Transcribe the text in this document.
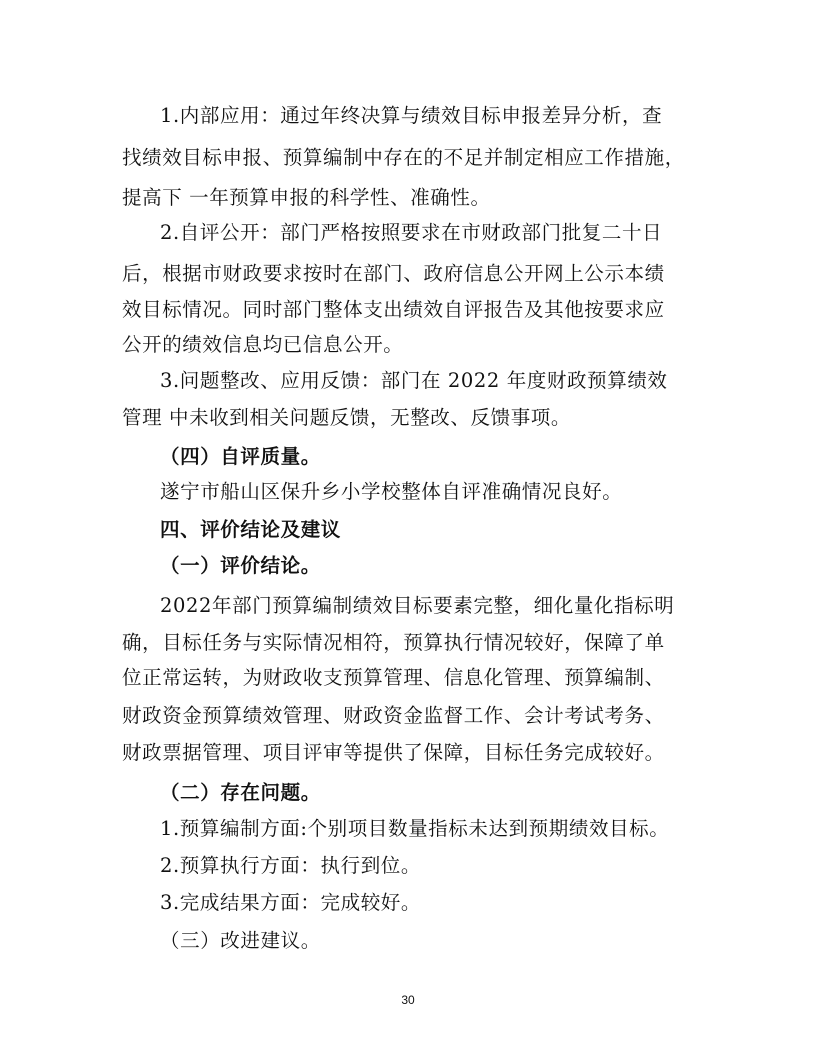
1.内部应用：通过年终决算与绩效目标申报差异分析，查
找绩效目标申报、预算编制中存在的不足并制定相应工作措施，
提高下 一年预算申报的科学性、准确性。
2.自评公开：部门严格按照要求在市财政部门批复二十日
后，根据市财政要求按时在部门、政府信息公开网上公示本绩
效目标情况。同时部门整体支出绩效自评报告及其他按要求应
公开的绩效信息均已信息公开。
3.问题整改、应用反馈：部门在 2022 年度财政预算绩效
管理 中未收到相关问题反馈，无整改、反馈事项。
（四）自评质量。
遂宁市船山区保升乡小学校整体自评准确情况良好。
四、评价结论及建议
（一）评价结论。
2022年部门预算编制绩效目标要素完整，细化量化指标明
确，目标任务与实际情况相符，预算执行情况较好，保障了单
位正常运转，为财政收支预算管理、信息化管理、预算编制、
财政资金预算绩效管理、财政资金监督工作、会计考试考务、
财政票据管理、项目评审等提供了保障，目标任务完成较好。
（二）存在问题。
1.预算编制方面:个别项目数量指标未达到预期绩效目标。
2.预算执行方面：执行到位。
3.完成结果方面：完成较好。
（三）改进建议。
30
